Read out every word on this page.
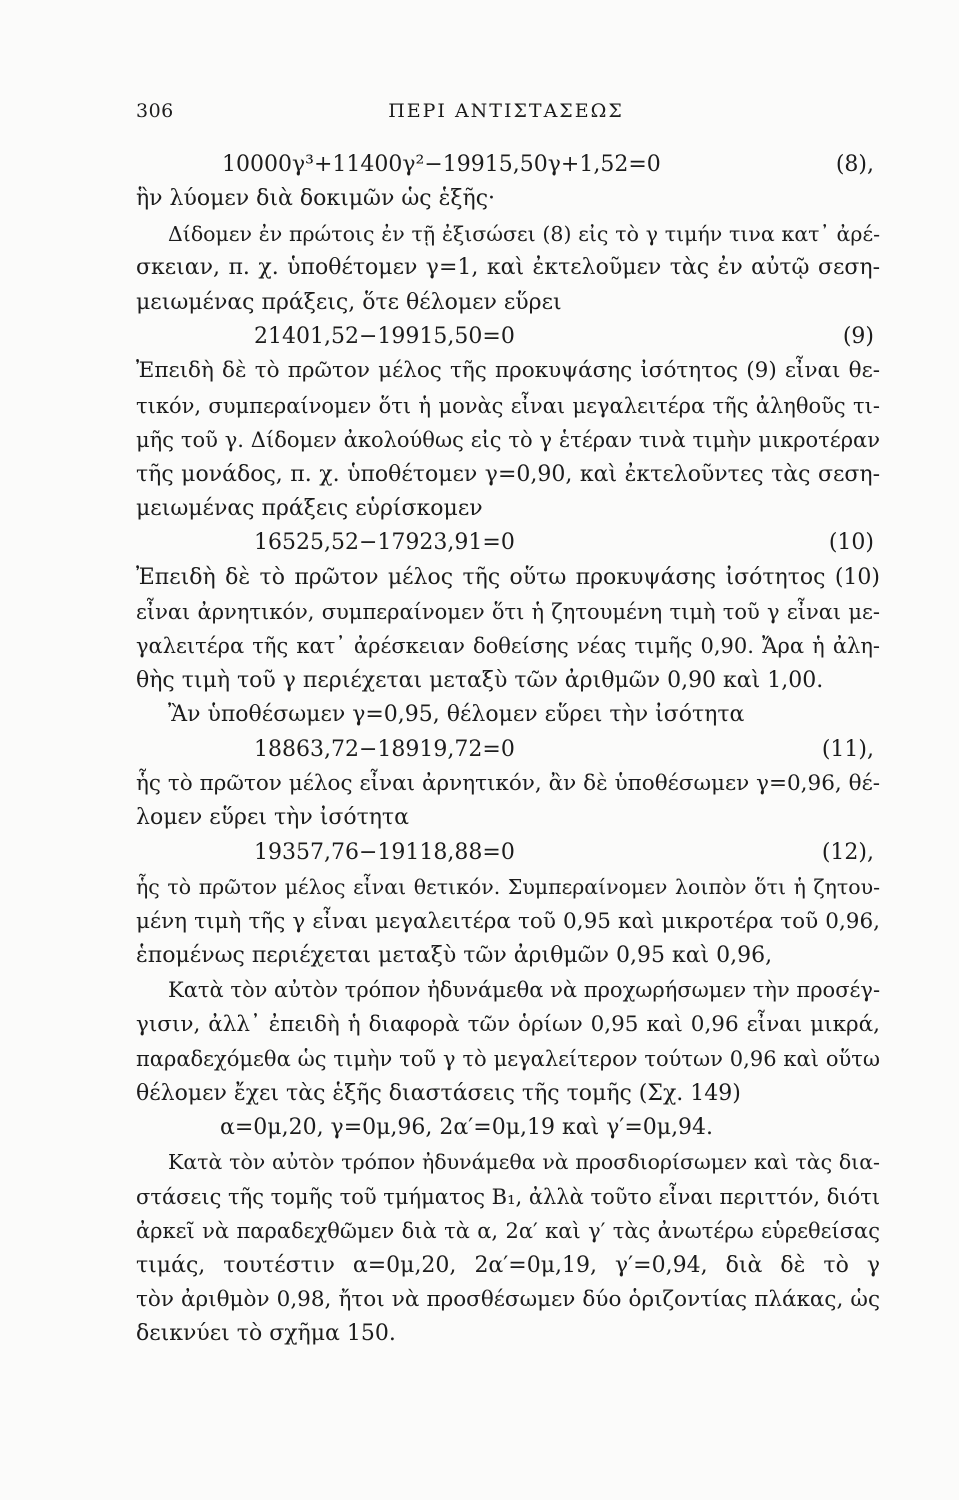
306	ΠΕΡΙ ΑΝΤΙΣΤΑΣΕΩΣ
10000γ³+11400γ²−19915,50γ+1,52=0	(8),
ἣν λύομεν διὰ δοκιμῶν ὡς ἑξῆς·
Δίδομεν ἐν πρώτοις ἐν τῇ ἐξισώσει (8) εἰς τὸ γ τιμήν τινα κατ᾽ ἀρέ-
σκειαν, π. χ. ὑποθέτομεν γ=1, καὶ ἐκτελοῦμεν τὰς ἐν αὐτῷ σεση-
μειωμένας πράξεις, ὅτε θέλομεν εὕρει
21401,52−19915,50=0	(9)
Ἐπειδὴ δὲ τὸ πρῶτον μέλος τῆς προκυψάσης ἰσότητος (9) εἶναι θε-
τικόν, συμπεραίνομεν ὅτι ἡ μονὰς εἶναι μεγαλειτέρα τῆς ἀληθοῦς τι-
μῆς τοῦ γ. Δίδομεν ἀκολούθως εἰς τὸ γ ἑτέραν τινὰ τιμὴν μικροτέραν
τῆς μονάδος, π. χ. ὑποθέτομεν γ=0,90, καὶ ἐκτελοῦντες τὰς σεση-
μειωμένας πράξεις εὑρίσκομεν
16525,52−17923,91=0	(10)
Ἐπειδὴ δὲ τὸ πρῶτον μέλος τῆς οὕτω προκυψάσης ἰσότητος (10)
εἶναι ἀρνητικόν, συμπεραίνομεν ὅτι ἡ ζητουμένη τιμὴ τοῦ γ εἶναι με-
γαλειτέρα τῆς κατ᾽ ἀρέσκειαν δοθείσης νέας τιμῆς 0,90. Ἄρα ἡ ἀλη-
θὴς τιμὴ τοῦ γ περιέχεται μεταξὺ τῶν ἀριθμῶν 0,90 καὶ 1,00.
Ἂν ὑποθέσωμεν γ=0,95, θέλομεν εὕρει τὴν ἰσότητα
18863,72−18919,72=0	(11),
ἧς τὸ πρῶτον μέλος εἶναι ἀρνητικόν, ἂν δὲ ὑποθέσωμεν γ=0,96, θέ-
λομεν εὕρει τὴν ἰσότητα
19357,76−19118,88=0	(12),
ἧς τὸ πρῶτον μέλος εἶναι θετικόν. Συμπεραίνομεν λοιπὸν ὅτι ἡ ζητου-
μένη τιμὴ τῆς γ εἶναι μεγαλειτέρα τοῦ 0,95 καὶ μικροτέρα τοῦ 0,96,
ἑπομένως περιέχεται μεταξὺ τῶν ἀριθμῶν 0,95 καὶ 0,96,
Κατὰ τὸν αὐτὸν τρόπον ἠδυνάμεθα νὰ προχωρήσωμεν τὴν προσέγ-
γισιν, ἀλλ᾽ ἐπειδὴ ἡ διαφορὰ τῶν ὁρίων 0,95 καὶ 0,96 εἶναι μικρά,
παραδεχόμεθα ὡς τιμὴν τοῦ γ τὸ μεγαλείτερον τούτων 0,96 καὶ οὕτω
θέλομεν ἔχει τὰς ἑξῆς διαστάσεις τῆς τομῆς (Σχ. 149)
α=0μ,20, γ=0μ,96, 2α′=0μ,19 καὶ γ′=0μ,94.
Κατὰ τὸν αὐτὸν τρόπον ἠδυνάμεθα νὰ προσδιορίσωμεν καὶ τὰς δια-
στάσεις τῆς τομῆς τοῦ τμήματος Β₁, ἀλλὰ τοῦτο εἶναι περιττόν, διότι
ἀρκεῖ νὰ παραδεχθῶμεν διὰ τὰ α, 2α′ καὶ γ′ τὰς ἀνωτέρω εὑρεθείσας
τιμάς, τουτέστιν α=0μ,20, 2α′=0μ,19, γ′=0,94, διὰ δὲ τὸ γ
τὸν ἀριθμὸν 0,98, ἤτοι νὰ προσθέσωμεν δύο ὁριζοντίας πλάκας, ὡς
δεικνύει τὸ σχῆμα 150.
